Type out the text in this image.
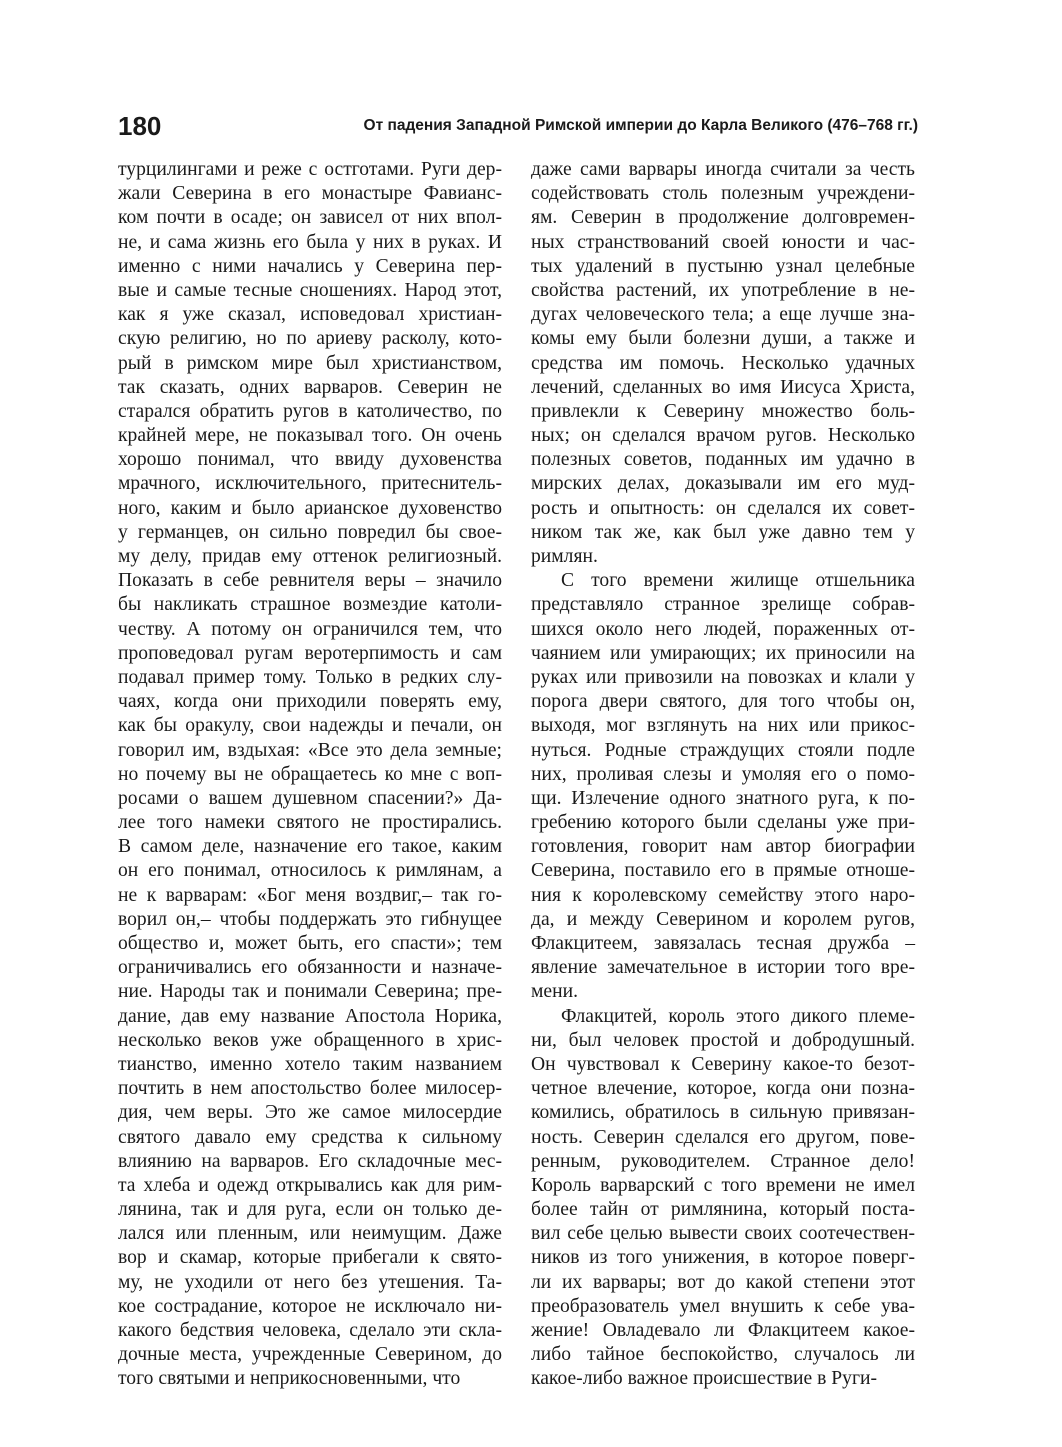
180	От падения Западной Римской империи до Карла Великого (476–768 гг.)
турцилингами и реже с остготами. Руги дер-
жали Северина в его монастыре Фавианс-
ком почти в осаде; он зависел от них впол-
не, и сама жизнь его была у них в руках. И
именно с ними начались у Северина пер-
вые и самые тесные сношениях. Народ этот,
как я уже сказал, исповедовал христиан-
скую религию, но по ариеву расколу, кото-
рый в римском мире был христианством,
так сказать, одних варваров. Северин не
старался обратить ругов в католичество, по
крайней мере, не показывал того. Он очень
хорошо понимал, что ввиду духовенства
мрачного, исключительного, притеснитель-
ного, каким и было арианское духовенство
у германцев, он сильно повредил бы свое-
му делу, придав ему оттенок религиозный.
Показать в себе ревнителя веры – значило
бы накликать страшное возмездие католи-
честву. А потому он ограничился тем, что
проповедовал ругам веротерпимость и сам
подавал пример тому. Только в редких слу-
чаях, когда они приходили поверять ему,
как бы оракулу, свои надежды и печали, он
говорил им, вздыхая: «Все это дела земные;
но почему вы не обращаетесь ко мне с воп-
росами о вашем душевном спасении?» Да-
лее того намеки святого не простирались.
В самом деле, назначение его такое, каким
он его понимал, относилось к римлянам, а
не к варварам: «Бог меня воздвиг,– так го-
ворил он,– чтобы поддержать это гибнущее
общество и, может быть, его спасти»; тем
ограничивались его обязанности и назначе-
ние. Народы так и понимали Северина; пре-
дание, дав ему название Апостола Норика,
несколько веков уже обращенного в хрис-
тианство, именно хотело таким названием
почтить в нем апостольство более милосер-
дия, чем веры. Это же самое милосердие
святого давало ему средства к сильному
влиянию на варваров. Его складочные мес-
та хлеба и одежд открывались как для рим-
лянина, так и для руга, если он только де-
лался или пленным, или неимущим. Даже
вор и скамар, которые прибегали к свято-
му, не уходили от него без утешения. Та-
кое сострадание, которое не исключало ни-
какого бедствия человека, сделало эти скла-
дочные места, учрежденные Северином, до
того святыми и неприкосновенными, что
даже сами варвары иногда считали за честь
содействовать столь полезным учреждени-
ям. Северин в продолжение долговремен-
ных странствований своей юности и час-
тых удалений в пустыню узнал целебные
свойства растений, их употребление в не-
дугах человеческого тела; а еще лучше зна-
комы ему были болезни души, а также и
средства им помочь. Несколько удачных
лечений, сделанных во имя Иисуса Христа,
привлекли к Северину множество боль-
ных; он сделался врачом ругов. Несколько
полезных советов, поданных им удачно в
мирских делах, доказывали им его муд-
рость и опытность: он сделался их совет-
ником так же, как был уже давно тем у
римлян.
С того времени жилище отшельника
представляло странное зрелище собрав-
шихся около него людей, пораженных от-
чаянием или умирающих; их приносили на
руках или привозили на повозках и клали у
порога двери святого, для того чтобы он,
выходя, мог взглянуть на них или прикос-
нуться. Родные страждущих стояли подле
них, проливая слезы и умоляя его о помо-
щи. Излечение одного знатного руга, к по-
гребению которого были сделаны уже при-
готовления, говорит нам автор биографии
Северина, поставило его в прямые отноше-
ния к королевскому семейству этого наро-
да, и между Северином и королем ругов,
Флакцитеем, завязалась тесная дружба –
явление замечательное в истории того вре-
мени.
Флакцитей, король этого дикого племе-
ни, был человек простой и добродушный.
Он чувствовал к Северину какое-то безот-
четное влечение, которое, когда они позна-
комились, обратилось в сильную привязан-
ность. Северин сделался его другом, пове-
ренным, руководителем. Странное дело!
Король варварский с того времени не имел
более тайн от римлянина, который поста-
вил себе целью вывести своих соотечествен-
ников из того унижения, в которое поверг-
ли их варвары; вот до какой степени этот
преобразователь умел внушить к себе ува-
жение! Овладевало ли Флакцитеем какое-
либо тайное беспокойство, случалось ли
какое-либо важное происшествие в Руги-
